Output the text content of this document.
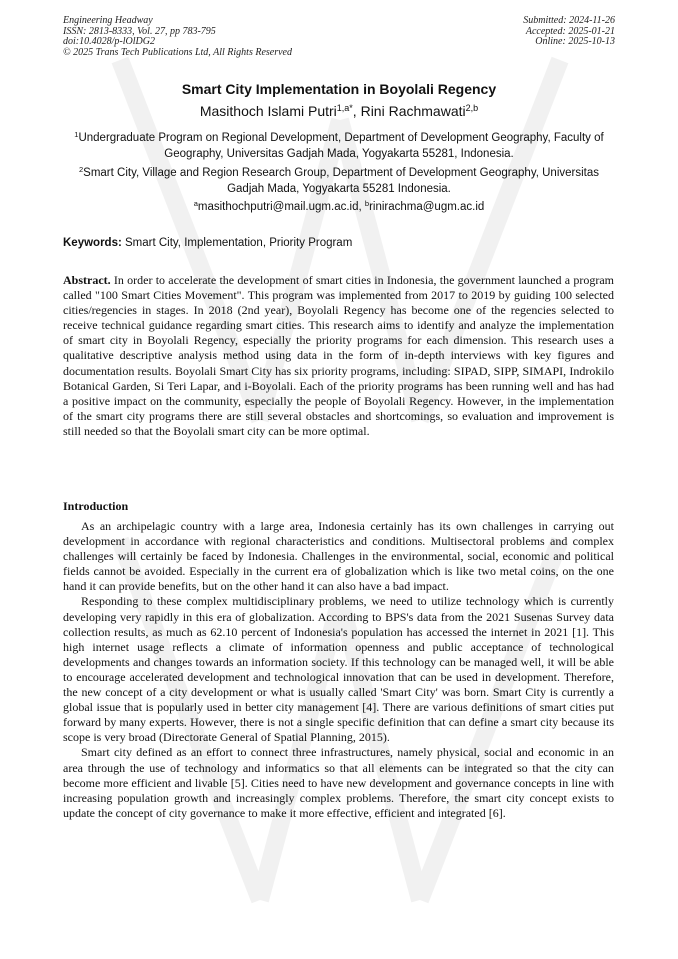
Engineering Headway
ISSN: 2813-8333, Vol. 27, pp 783-795
doi:10.4028/p-lOlDG2
© 2025 Trans Tech Publications Ltd, All Rights Reserved
Submitted: 2024-11-26
Accepted: 2025-01-21
Online: 2025-10-13
Smart City Implementation in Boyolali Regency
Masithoch Islami Putri$^{1,a*}$, Rini Rachmawati$^{2,b}$
$^1$Undergraduate Program on Regional Development, Department of Development Geography, Faculty of Geography, Universitas Gadjah Mada, Yogyakarta 55281, Indonesia.
$^2$Smart City, Village and Region Research Group, Department of Development Geography, Universitas Gadjah Mada, Yogyakarta 55281 Indonesia.
$^a$masithochputri@mail.ugm.ac.id, $^b$rinirachma@ugm.ac.id
Keywords: Smart City, Implementation, Priority Program
Abstract. In order to accelerate the development of smart cities in Indonesia, the government launched a program called "100 Smart Cities Movement". This program was implemented from 2017 to 2019 by guiding 100 selected cities/regencies in stages. In 2018 (2nd year), Boyolali Regency has become one of the regencies selected to receive technical guidance regarding smart cities. This research aims to identify and analyze the implementation of smart city in Boyolali Regency, especially the priority programs for each dimension. This research uses a qualitative descriptive analysis method using data in the form of in-depth interviews with key figures and documentation results. Boyolali Smart City has six priority programs, including: SIPAD, SIPP, SIMAPI, Indrokilo Botanical Garden, Si Teri Lapar, and i-Boyolali. Each of the priority programs has been running well and has had a positive impact on the community, especially the people of Boyolali Regency. However, in the implementation of the smart city programs there are still several obstacles and shortcomings, so evaluation and improvement is still needed so that the Boyolali smart city can be more optimal.
Introduction

As an archipelagic country with a large area, Indonesia certainly has its own challenges in carrying out development in accordance with regional characteristics and conditions. Multisectoral problems and complex challenges will certainly be faced by Indonesia. Challenges in the environmental, social, economic and political fields cannot be avoided. Especially in the current era of globalization which is like two metal coins, on the one hand it can provide benefits, but on the other hand it can also have a bad impact.

Responding to these complex multidisciplinary problems, we need to utilize technology which is currently developing very rapidly in this era of globalization. According to BPS's data from the 2021 Susenas Survey data collection results, as much as 62.10 percent of Indonesia's population has accessed the internet in 2021 [1]. This high internet usage reflects a climate of information openness and public acceptance of technological developments and changes towards an information society. If this technology can be managed well, it will be able to encourage accelerated development and technological innovation that can be used in development. Therefore, the new concept of a city development or what is usually called 'Smart City' was born. Smart City is currently a global issue that is popularly used in better city management [4]. There are various definitions of smart cities put forward by many experts. However, there is not a single specific definition that can define a smart city because its scope is very broad (Directorate General of Spatial Planning, 2015).

Smart city defined as an effort to connect three infrastructures, namely physical, social and economic in an area through the use of technology and informatics so that all elements can be integrated so that the city can become more efficient and livable [5]. Cities need to have new development and governance concepts in line with increasing population growth and increasingly complex problems. Therefore, the smart city concept exists to update the concept of city governance to make it more effective, efficient and integrated [6].
